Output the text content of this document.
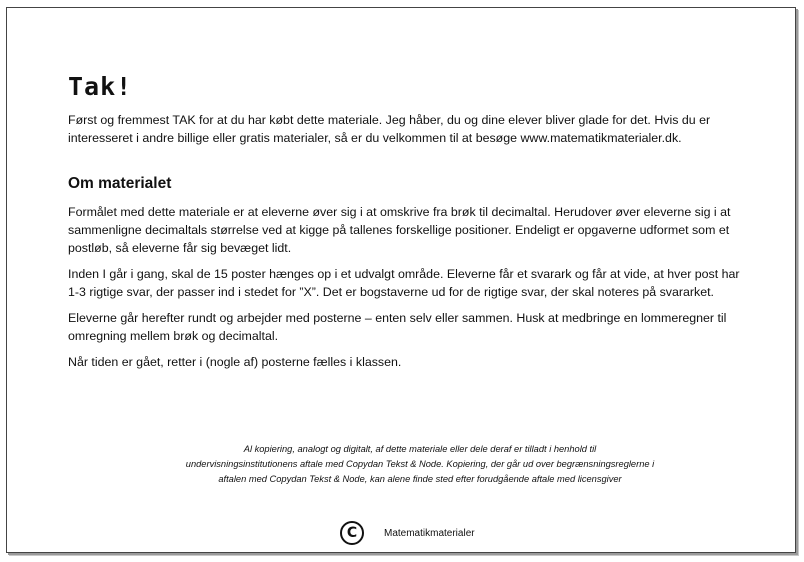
Tak!

Først og fremmest TAK for at du har købt dette materiale. Jeg håber, du og dine elever bliver glade for det. Hvis du er interesseret i andre billige eller gratis materialer, så er du velkommen til at besøge www.matematikmaterialer.dk.

Om materialet

Formålet med dette materiale er at eleverne øver sig i at omskrive fra brøk til decimaltal. Herudover øver eleverne sig i at sammenligne decimaltals størrelse ved at kigge på tallenes forskellige positioner. Endeligt er opgaverne udformet som et postløb, så eleverne får sig bevæget lidt.

Inden I går i gang, skal de 15 poster hænges op i et udvalgt område. Eleverne får et svarark og får at vide, at hver post har 1-3 rigtige svar, der passer ind i stedet for ”X”. Det er bogstaverne ud for de rigtige svar, der skal noteres på svararket.

Eleverne går herefter rundt og arbejder med posterne – enten selv eller sammen. Husk at medbringe en lommeregner til omregning mellem brøk og decimaltal.

Når tiden er gået, retter i (nogle af) posterne fælles i klassen.

Al kopiering, analogt og digitalt, af dette materiale eller dele deraf er tilladt i henhold til
undervisningsinstitutionens aftale med Copydan Tekst & Node. Kopiering, der går ud over begrænsningsreglerne i
aftalen med Copydan Tekst & Node, kan alene finde sted efter forudgående aftale med licensgiver
C	Matematikmaterialer
